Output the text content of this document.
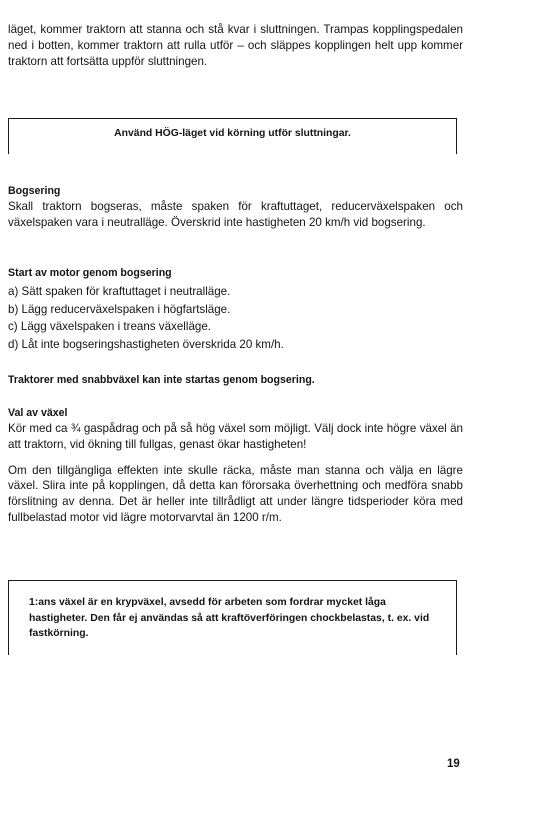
läget, kommer traktorn att stanna och stå kvar i sluttningen. Trampas kopplingspedalen ned i botten, kommer traktorn att rulla utför – och släppes kopplingen helt upp kommer traktorn att fortsätta uppför sluttningen.

Använd HÖG-läget vid körning utför sluttningar.
Bogsering

Skall traktorn bogseras, måste spaken för kraftuttaget, reducerväxelspaken och växelspaken vara i neutralläge. Överskrid inte hastigheten 20 km/h vid bogsering.

Start av motor genom bogsering

a) Sätt spaken för kraftuttaget i neutralläge.

b) Lägg reducerväxelspaken i högfartsläge.

c) Lägg växelspaken i treans växelläge.

d) Låt inte bogseringshastigheten överskrida 20 km/h.

Traktorer med snabbväxel kan inte startas genom bogsering.
Val av växel

Kör med ca ¾ gaspådrag och på så hög växel som möjligt. Välj dock inte högre växel än att traktorn, vid ökning till fullgas, genast ökar hastigheten!

Om den tillgängliga effekten inte skulle räcka, måste man stanna och välja en lägre växel. Slira inte på kopplingen, då detta kan förorsaka överhettning och medföra snabb förslitning av denna. Det är heller inte tillrådligt att under längre tidsperioder köra med fullbelastad motor vid lägre motorvarvtal än 1200 r/m.

1:ans växel är en krypväxel, avsedd för arbeten som fordrar mycket låga hastigheter. Den får ej användas så att kraftöverföringen chockbelastas, t. ex. vid fastkörning.
19
